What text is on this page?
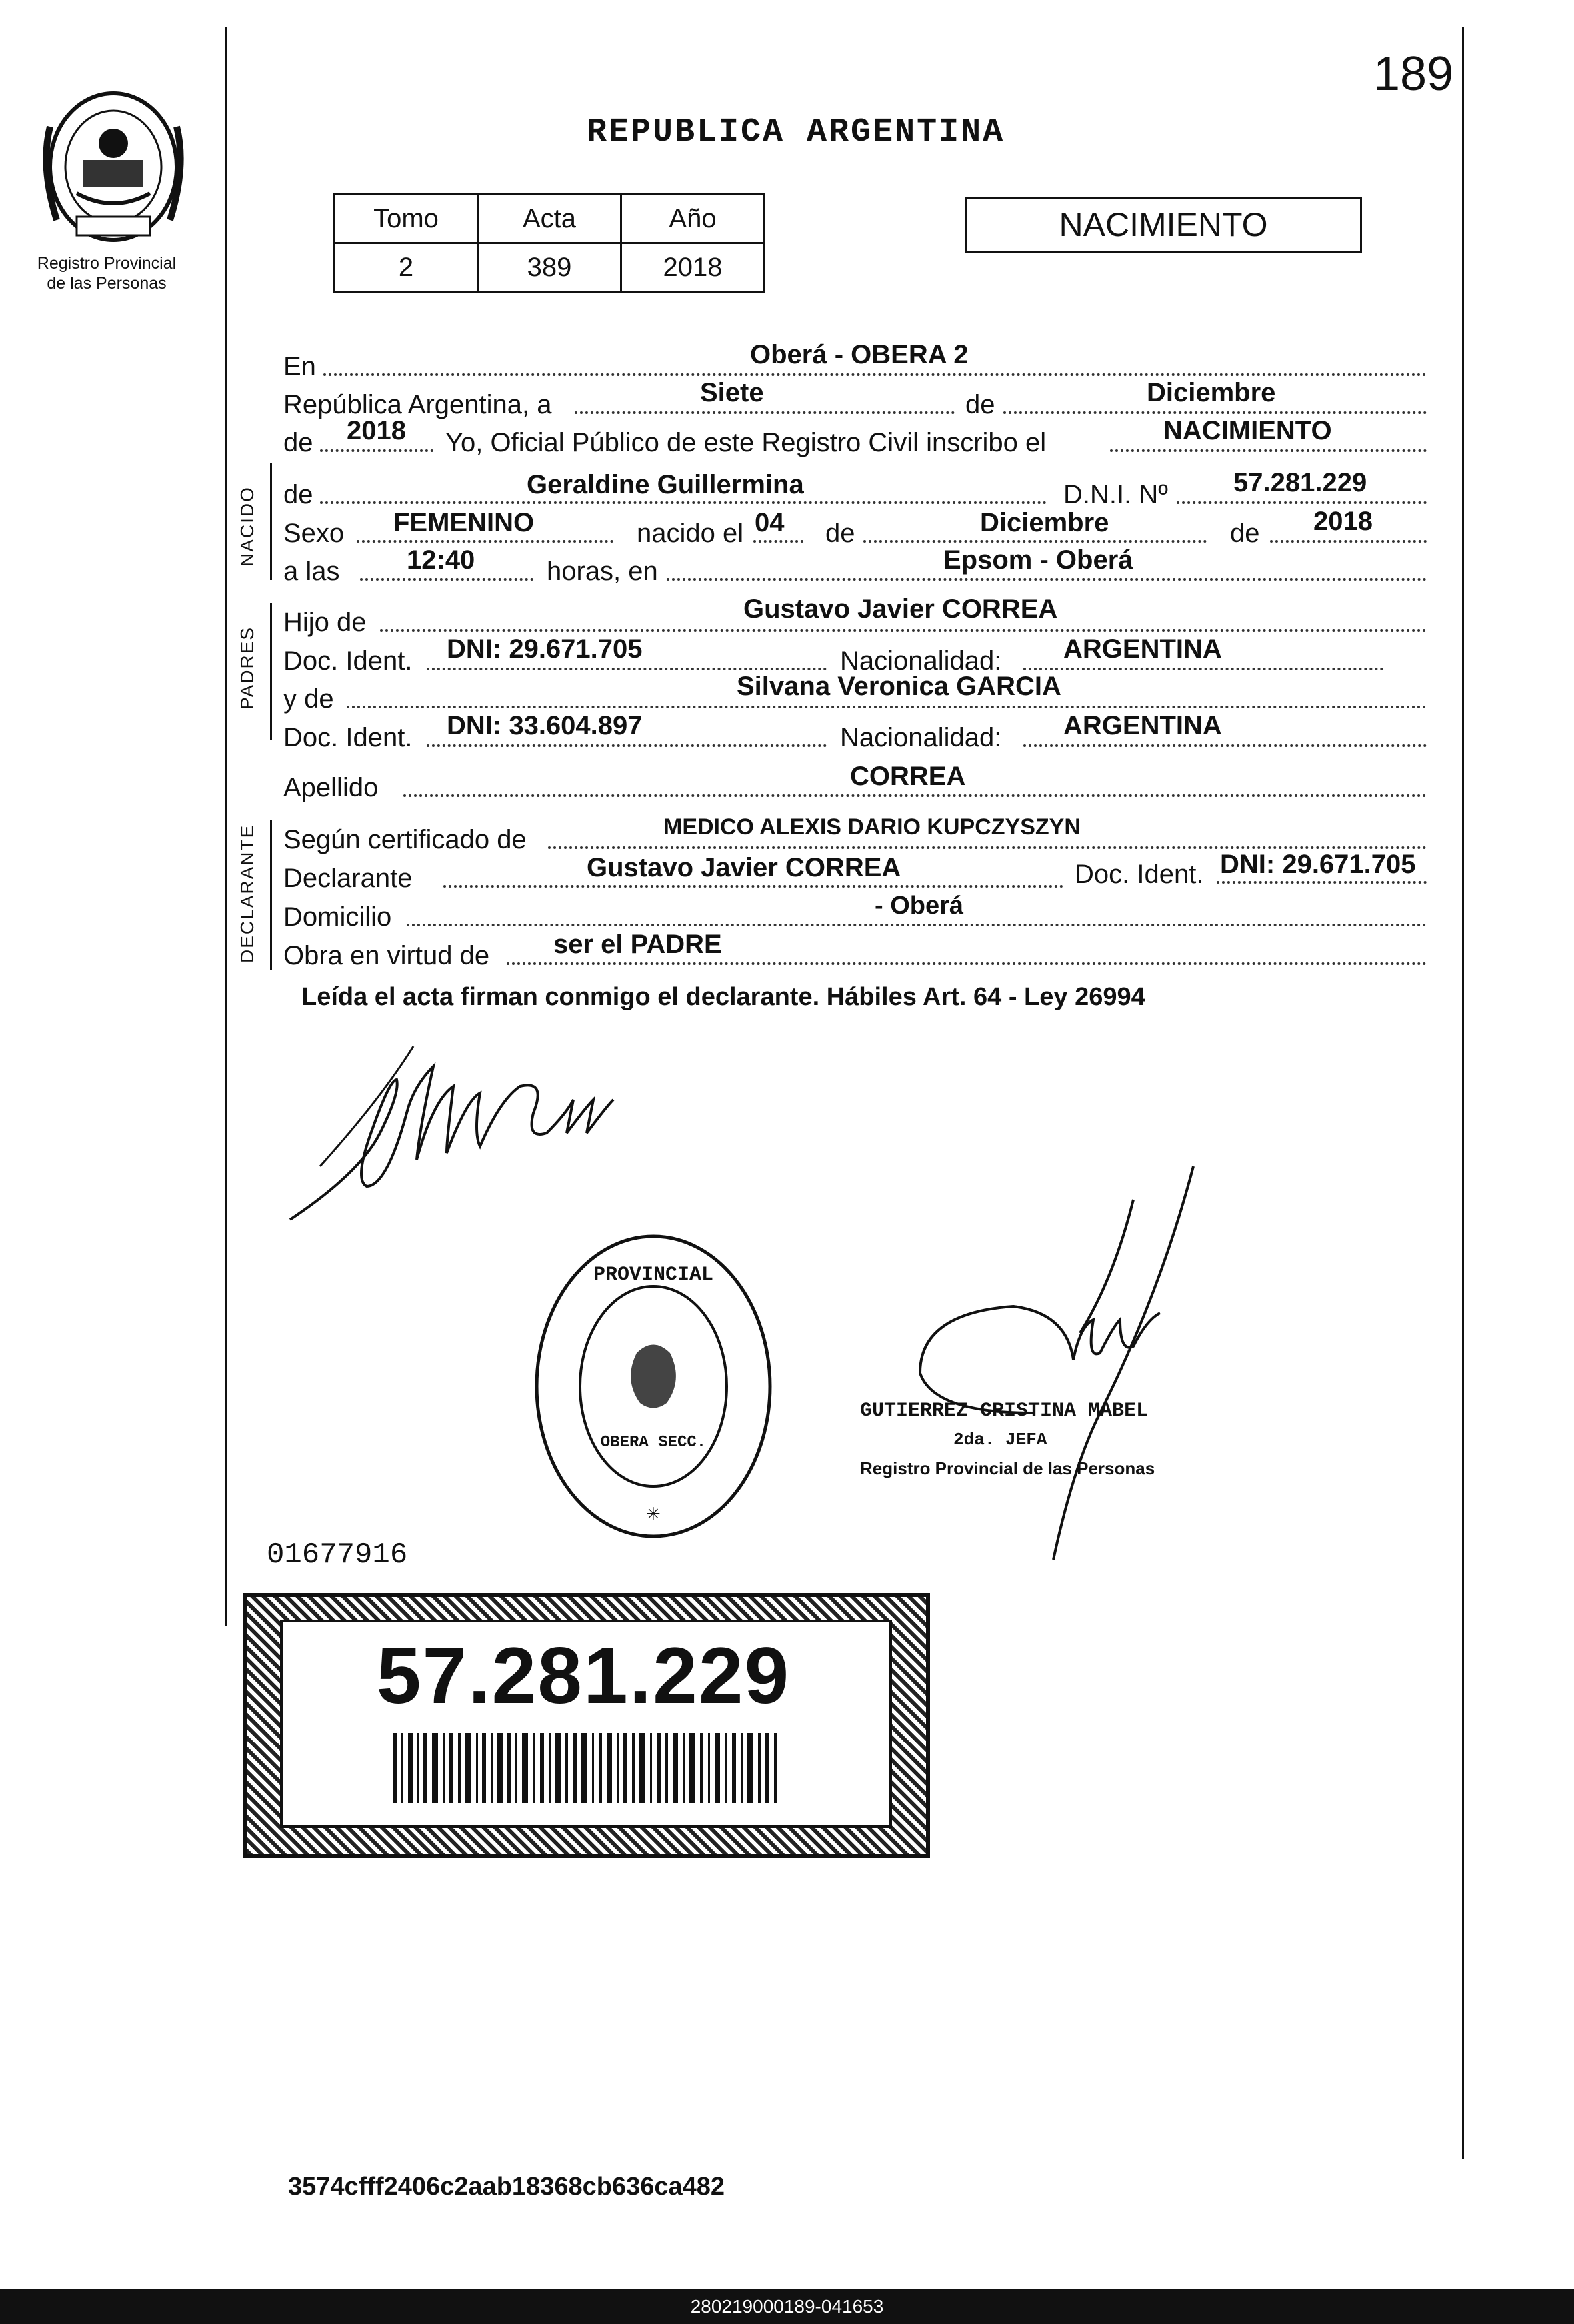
189
Registro Provincial
de las Personas
REPUBLICA ARGENTINA
Tomo	Acta	Año
2	389	2018
NACIMIENTO
En	Oberá - OBERA 2
República Argentina, a	Siete	de	Diciembre
de 2018 Yo, Oficial Público de este Registro Civil inscribo el	NACIMIENTO
NACIDO de	Geraldine Guillermina	D.N.I. Nº 57.281.229
Sexo FEMENINO	nacido el 04 de	Diciembre	de 2018
a las	12:40	horas, en	Epsom - Oberá
PADRES
Hijo de	Gustavo Javier CORREA
Doc. Ident. DNI: 29.671.705	Nacionalidad: ARGENTINA
y de	Silvana Veronica GARCIA
Doc. Ident. DNI: 33.604.897	Nacionalidad: ARGENTINA
Apellido	CORREA
DECLARANTE Según certificado de	MEDICO ALEXIS DARIO KUPCZYSZYN
Declarante	Gustavo Javier CORREA	Doc. Ident. DNI: 29.671.705
Domicilio	- Oberá
Obra en virtud de ser el PADRE
Leída el acta firman conmigo el declarante. Hábiles Art. 64 - Ley 26994
PROVINCIAL
OBERA SECC.
✳
GUTIERREZ CRISTINA MABEL
2da. JEFA
Registro Provincial de las Personas
01677916
57.281.229
3574cfff2406c2aab18368cb636ca482
280219000189-041653
